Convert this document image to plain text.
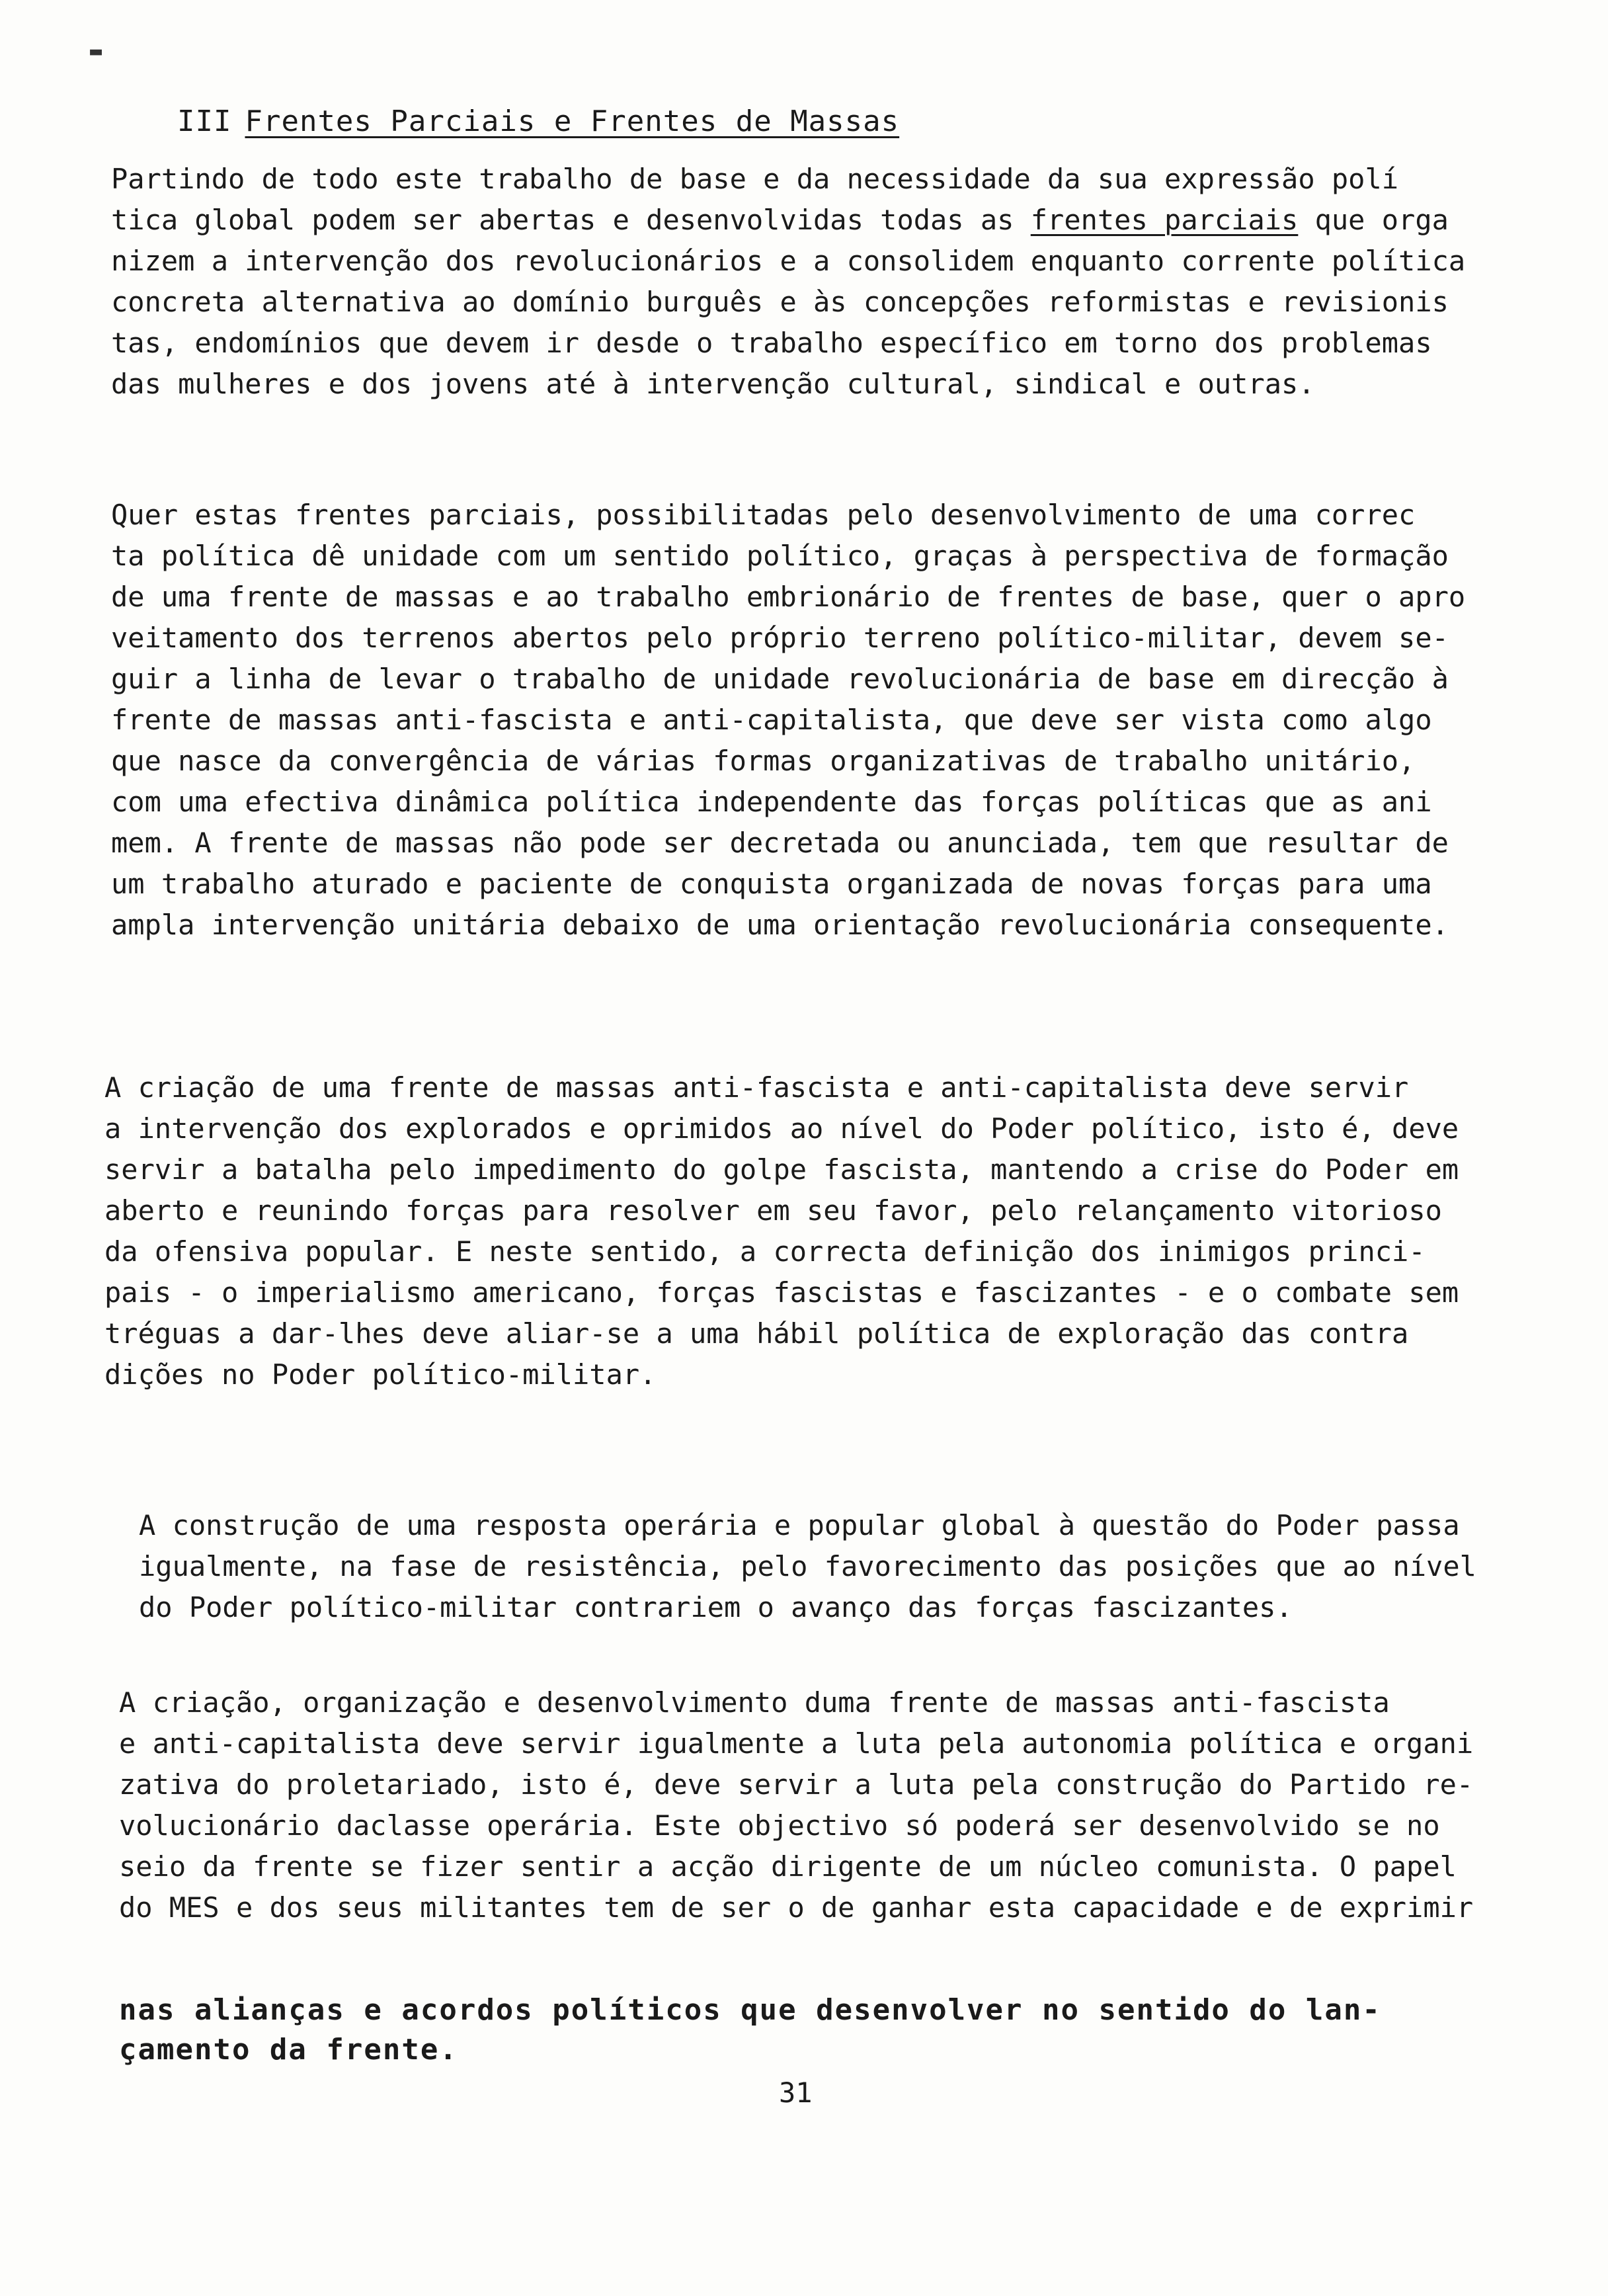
▬
III Frentes Parciais e Frentes de Massas
Partindo de todo este trabalho de base e da necessidade da sua expressão polí
tica global podem ser abertas e desenvolvidas todas as frentes parciais que orga
nizem a intervenção dos revolucionários e a consolidem enquanto corrente política
concreta alternativa ao domínio burguês e às concepções reformistas e revisionis
tas, endomínios que devem ir desde o trabalho específico em torno dos problemas
das mulheres e dos jovens até à intervenção cultural, sindical e outras.
Quer estas frentes parciais, possibilitadas pelo desenvolvimento de uma correc
ta política dê unidade com um sentido político, graças à perspectiva de formação
de uma frente de massas e ao trabalho embrionário de frentes de base, quer o apro
veitamento dos terrenos abertos pelo próprio terreno político-militar, devem se-
guir a linha de levar o trabalho de unidade revolucionária de base em direcção à
frente de massas anti-fascista e anti-capitalista, que deve ser vista como algo
que nasce da convergência de várias formas organizativas de trabalho unitário,
com uma efectiva dinâmica política independente das forças políticas que as ani
mem. A frente de massas não pode ser decretada ou anunciada, tem que resultar de
um trabalho aturado e paciente de conquista organizada de novas forças para uma
ampla intervenção unitária debaixo de uma orientação revolucionária consequente.
A criação de uma frente de massas anti-fascista e anti-capitalista deve servir
a intervenção dos explorados e oprimidos ao nível do Poder político, isto é, deve
servir a batalha pelo impedimento do golpe fascista, mantendo a crise do Poder em
aberto e reunindo forças para resolver em seu favor, pelo relançamento vitorioso
da ofensiva popular. E neste sentido, a correcta definição dos inimigos princi-
pais - o imperialismo americano, forças fascistas e fascizantes - e o combate sem
tréguas a dar-lhes deve aliar-se a uma hábil política de exploração das contra
dições no Poder político-militar.
A construção de uma resposta operária e popular global à questão do Poder passa
igualmente, na fase de resistência, pelo favorecimento das posições que ao nível
do Poder político-militar contrariem o avanço das forças fascizantes.
A criação, organização e desenvolvimento duma frente de massas anti-fascista
e anti-capitalista deve servir igualmente a luta pela autonomia política e organi
zativa do proletariado, isto é, deve servir a luta pela construção do Partido re-
volucionário daclasse operária. Este objectivo só poderá ser desenvolvido se no
seio da frente se fizer sentir a acção dirigente de um núcleo comunista. O papel
do MES e dos seus militantes tem de ser o de ganhar esta capacidade e de exprimir
nas alianças e acordos políticos que desenvolver no sentido do lan-
çamento da frente.
31
